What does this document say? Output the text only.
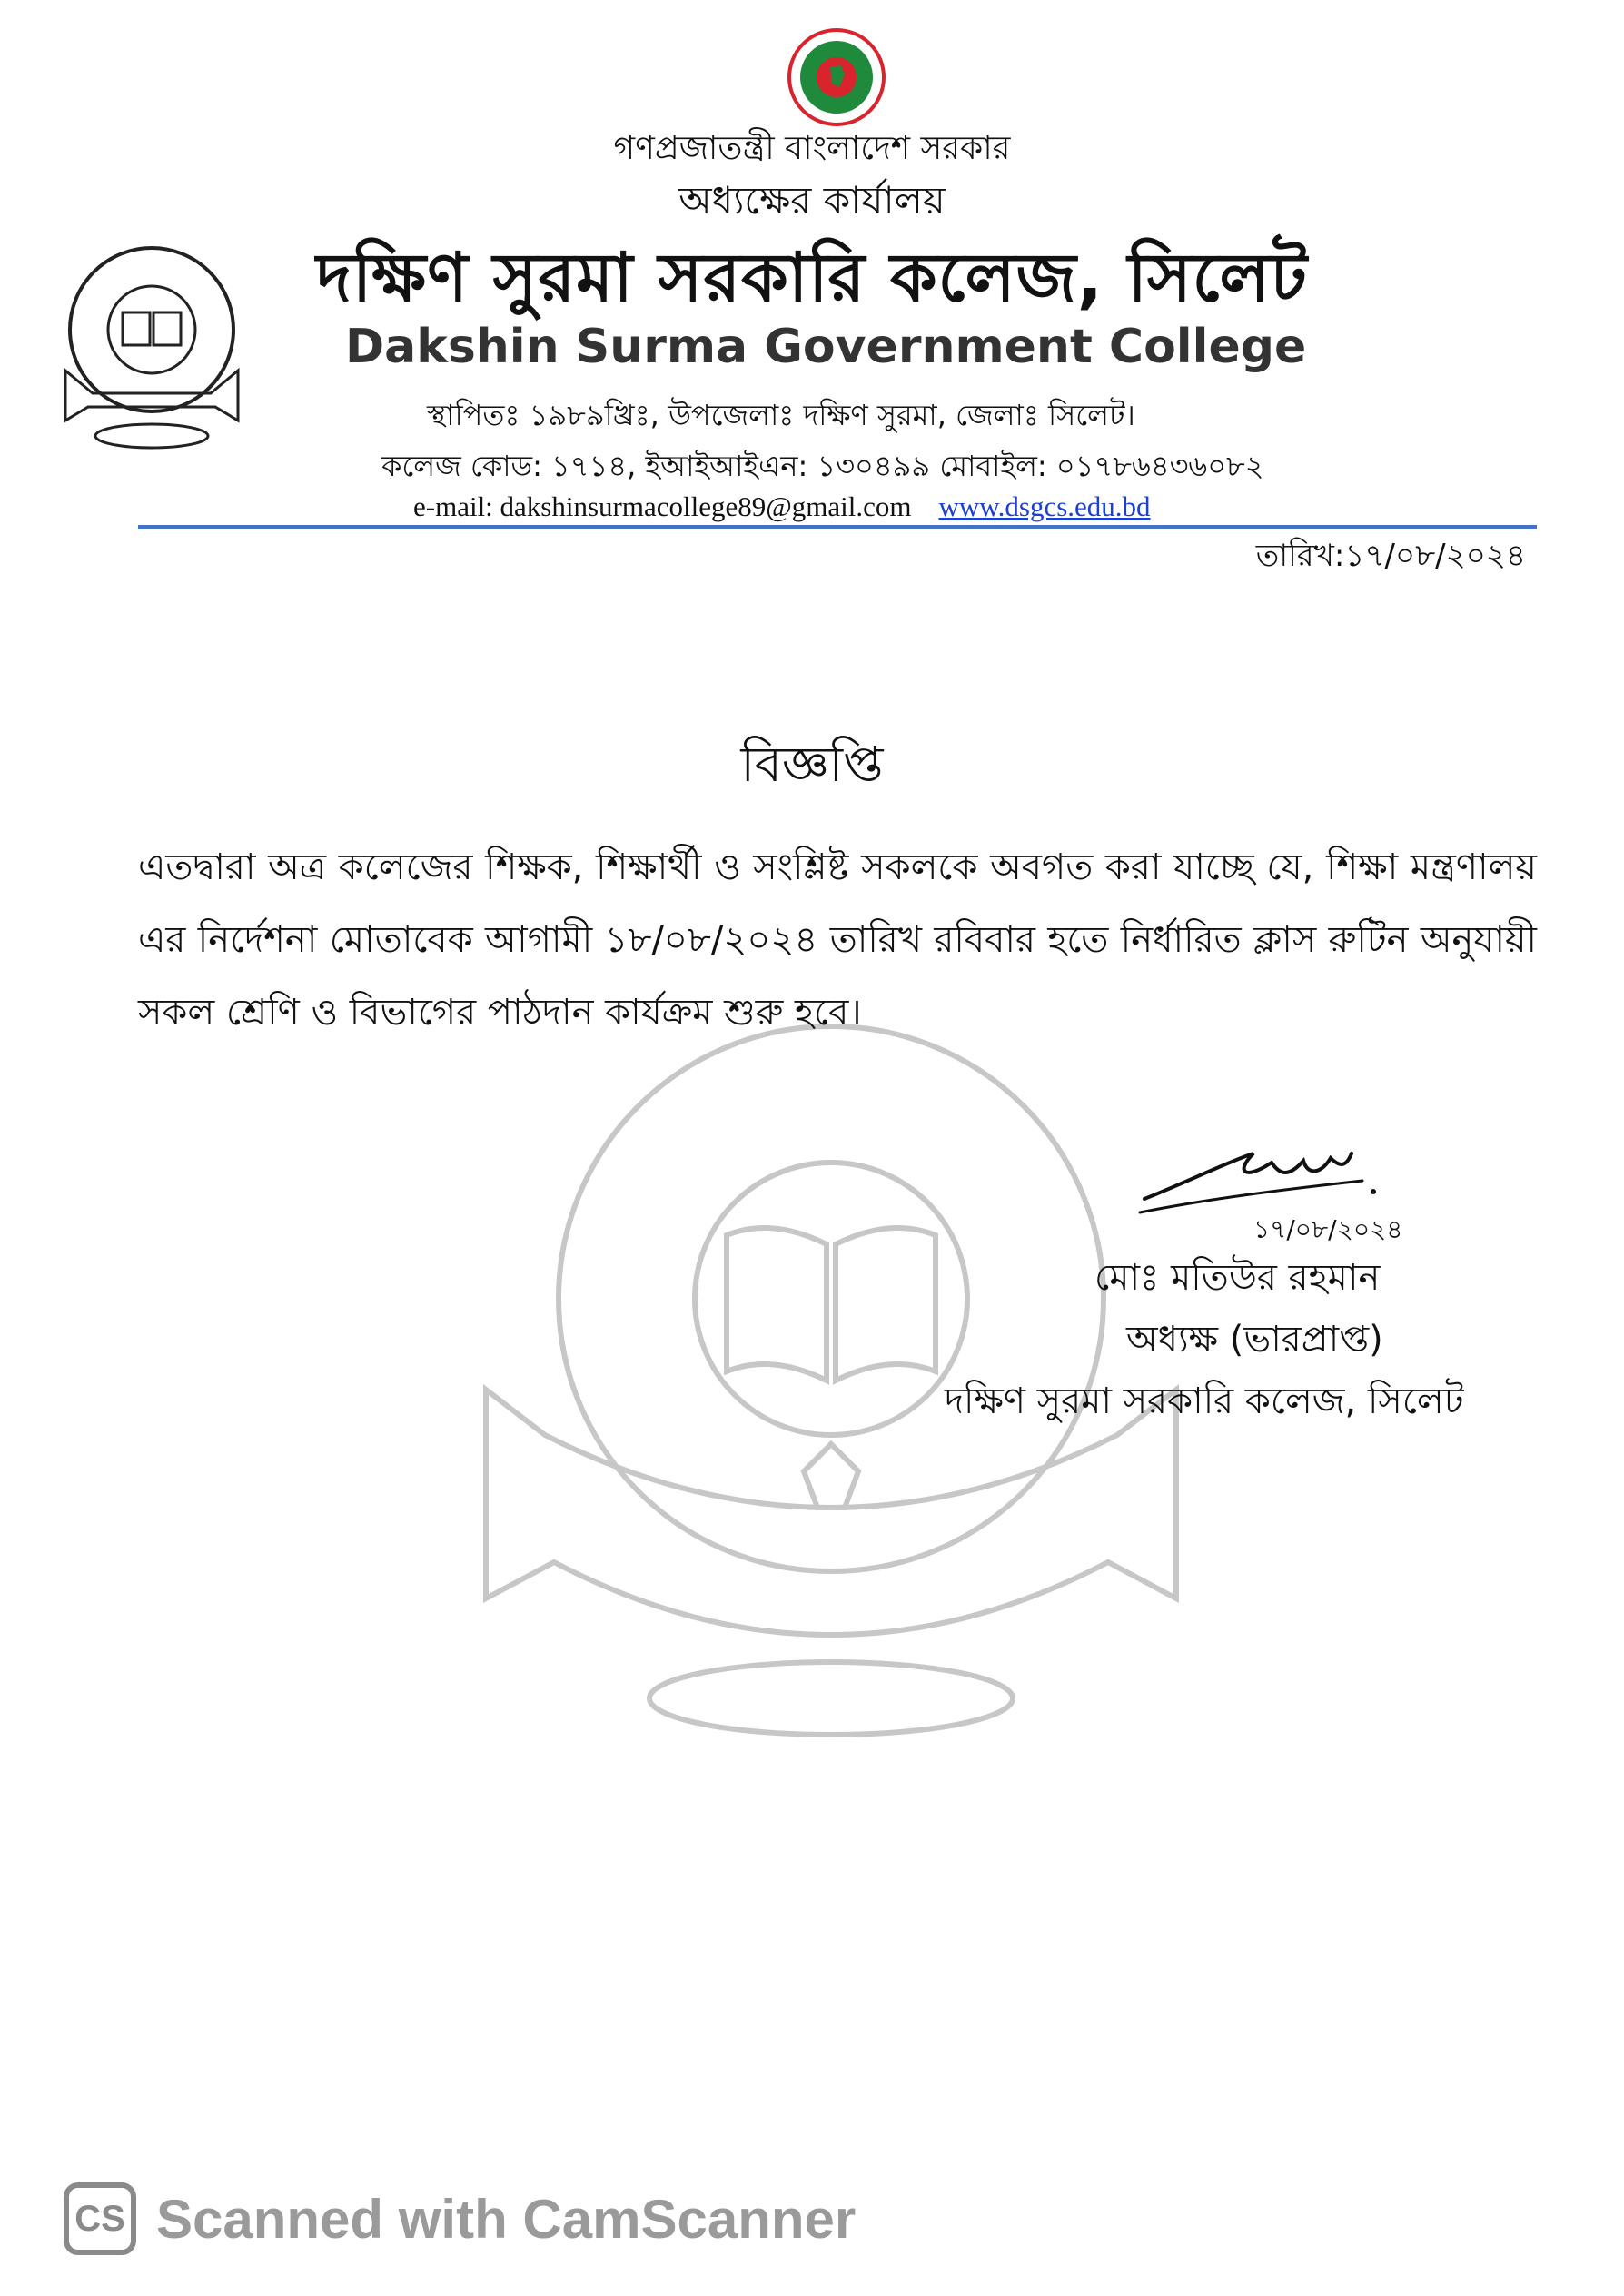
গণপ্রজাতন্ত্রী বাংলাদেশ সরকার
অধ্যক্ষের কার্যালয়
দক্ষিণ সুরমা সরকারি কলেজ, সিলেট
Dakshin Surma Government College
স্থাপিতঃ ১৯৮৯খ্রিঃ, উপজেলাঃ দক্ষিণ সুরমা, জেলাঃ সিলেট।
কলেজ কোড: ১৭১৪, ইআইআইএন: ১৩০৪৯৯ মোবাইল: ০১৭৮৬৪৩৬০৮২
e-mail: dakshinsurmacollege89@gmail.com www.dsgcs.edu.bd
তারিখ:১৭/০৮/২০২৪
বিজ্ঞপ্তি
এতদ্বারা অত্র কলেজের শিক্ষক, শিক্ষার্থী ও সংশ্লিষ্ট সকলকে অবগত করা যাচ্ছে যে, শিক্ষা মন্ত্রণালয় এর নির্দেশনা মোতাবেক আগামী ১৮/০৮/২০২৪ তারিখ রবিবার হতে নির্ধারিত ক্লাস রুটিন অনুযায়ী সকল শ্রেণি ও বিভাগের পাঠদান কার্যক্রম শুরু হবে।
১৭/০৮/২০২৪
মোঃ মতিউর রহমান
অধ্যক্ষ (ভারপ্রাপ্ত)
দক্ষিণ সুরমা সরকারি কলেজ, সিলেট
CS Scanned with CamScanner
